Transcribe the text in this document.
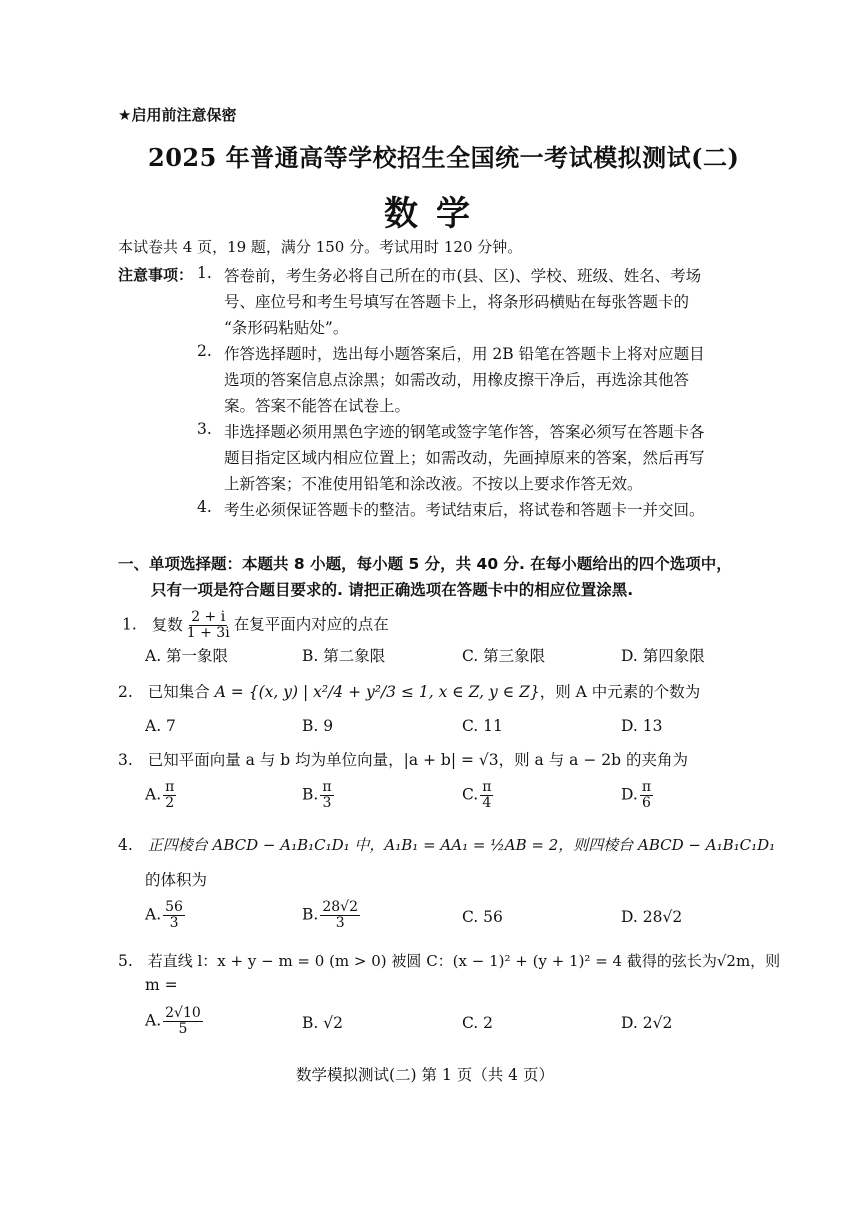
★启用前注意保密
2025 年普通高等学校招生全国统一考试模拟测试(二)
数学
本试卷共 4 页，19 题，满分 150 分。考试用时 120 分钟。
注意事项： 1. 答卷前，考生务必将自己所在的市(县、区)、学校、班级、姓名、考场
号、座位号和考生号填写在答题卡上，将条形码横贴在每张答题卡的
“条形码粘贴处”。
2. 作答选择题时，选出每小题答案后，用 2B 铅笔在答题卡上将对应题目
选项的答案信息点涂黑；如需改动，用橡皮擦干净后，再选涂其他答
案。答案不能答在试卷上。
3. 非选择题必须用黑色字迹的钢笔或签字笔作答，答案必须写在答题卡各
题目指定区域内相应位置上；如需改动，先画掉原来的答案，然后再写
上新答案；不准使用铅笔和涂改液。不按以上要求作答无效。
4. 考生必须保证答题卡的整洁。考试结束后，将试卷和答题卡一并交回。
一、单项选择题：本题共 8 小题，每小题 5 分，共 40 分. 在每小题给出的四个选项中，
只有一项是符合题目要求的. 请把正确选项在答题卡中的相应位置涂黑.
1. 复数 $\frac{2 + i}{1 + 3i}$ 在复平面内对应的点在
A. 第一象限	B. 第二象限	C. 第三象限	D. 第四象限
2. 已知集合 A = {(x, y) | x²/4 + y²/3 ≤ 1, x ∈ Z, y ∈ Z}，则 A 中元素的个数为
A. 7	B. 9	C. 11	D. 13
3. 已知平面向量 a 与 b 均为单位向量，|a + b| = √3，则 a 与 a − 2b 的夹角为
A. $\frac{\pi}{2}$	B. $\frac{\pi}{3}$	C. $\frac{\pi}{4}$	D. $\frac{\pi}{6}$
4. 正四棱台 ABCD − A₁B₁C₁D₁ 中，A₁B₁ = AA₁ = ½AB = 2，则四棱台 ABCD − A₁B₁C₁D₁
的体积为
A. $\frac{56}{3}$	B. $\frac{28√2}{3}$	C. 56	D. 28√2
5. 若直线 l：x + y − m = 0 (m > 0) 被圆 C：(x − 1)² + (y + 1)² = 4 截得的弦长为√2m，则
m =
A. $\frac{2√10}{5}$	B. √2	C. 2	D. 2√2
数学模拟测试(二) 第 1 页（共 4 页）
